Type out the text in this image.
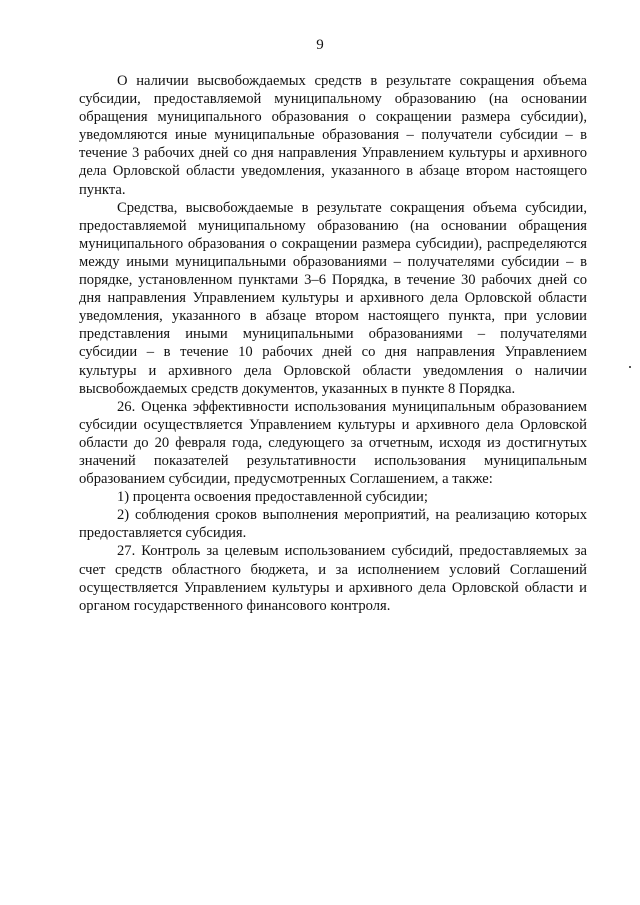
9

О наличии высвобождаемых средств в результате сокращения объема субсидии, предоставляемой муниципальному образованию (на основании обращения муниципального образования о сокращении размера субсидии), уведомляются иные муниципальные образования – получатели субсидии – в течение 3 рабочих дней со дня направления Управлением культуры и архивного дела Орловской области уведомления, указанного в абзаце втором настоящего пункта.

Средства, высвобождаемые в результате сокращения объема субсидии, предоставляемой муниципальному образованию (на основании обращения муниципального образования о сокращении размера субсидии), распределяются между иными муниципальными образованиями – получателями субсидии – в порядке, установленном пунктами 3–6 Порядка, в течение 30 рабочих дней со дня направления Управлением культуры и архивного дела Орловской области уведомления, указанного в абзаце втором настоящего пункта, при условии представления иными муниципальными образованиями – получателями субсидии – в течение 10 рабочих дней со дня направления Управлением культуры и архивного дела Орловской области уведомления о наличии высвобождаемых средств документов, указанных в пункте 8 Порядка.

26. Оценка эффективности использования муниципальным образованием субсидии осуществляется Управлением культуры и архивного дела Орловской области до 20 февраля года, следующего за отчетным, исходя из достигнутых значений показателей результативности использования муниципальным образованием субсидии, предусмотренных Соглашением, а также:

1) процента освоения предоставленной субсидии;

2) соблюдения сроков выполнения мероприятий, на реализацию которых предоставляется субсидия.

27. Контроль за целевым использованием субсидий, предоставляемых за счет средств областного бюджета, и за исполнением условий Соглашений осуществляется Управлением культуры и архивного дела Орловской области и органом государственного финансового контроля.
